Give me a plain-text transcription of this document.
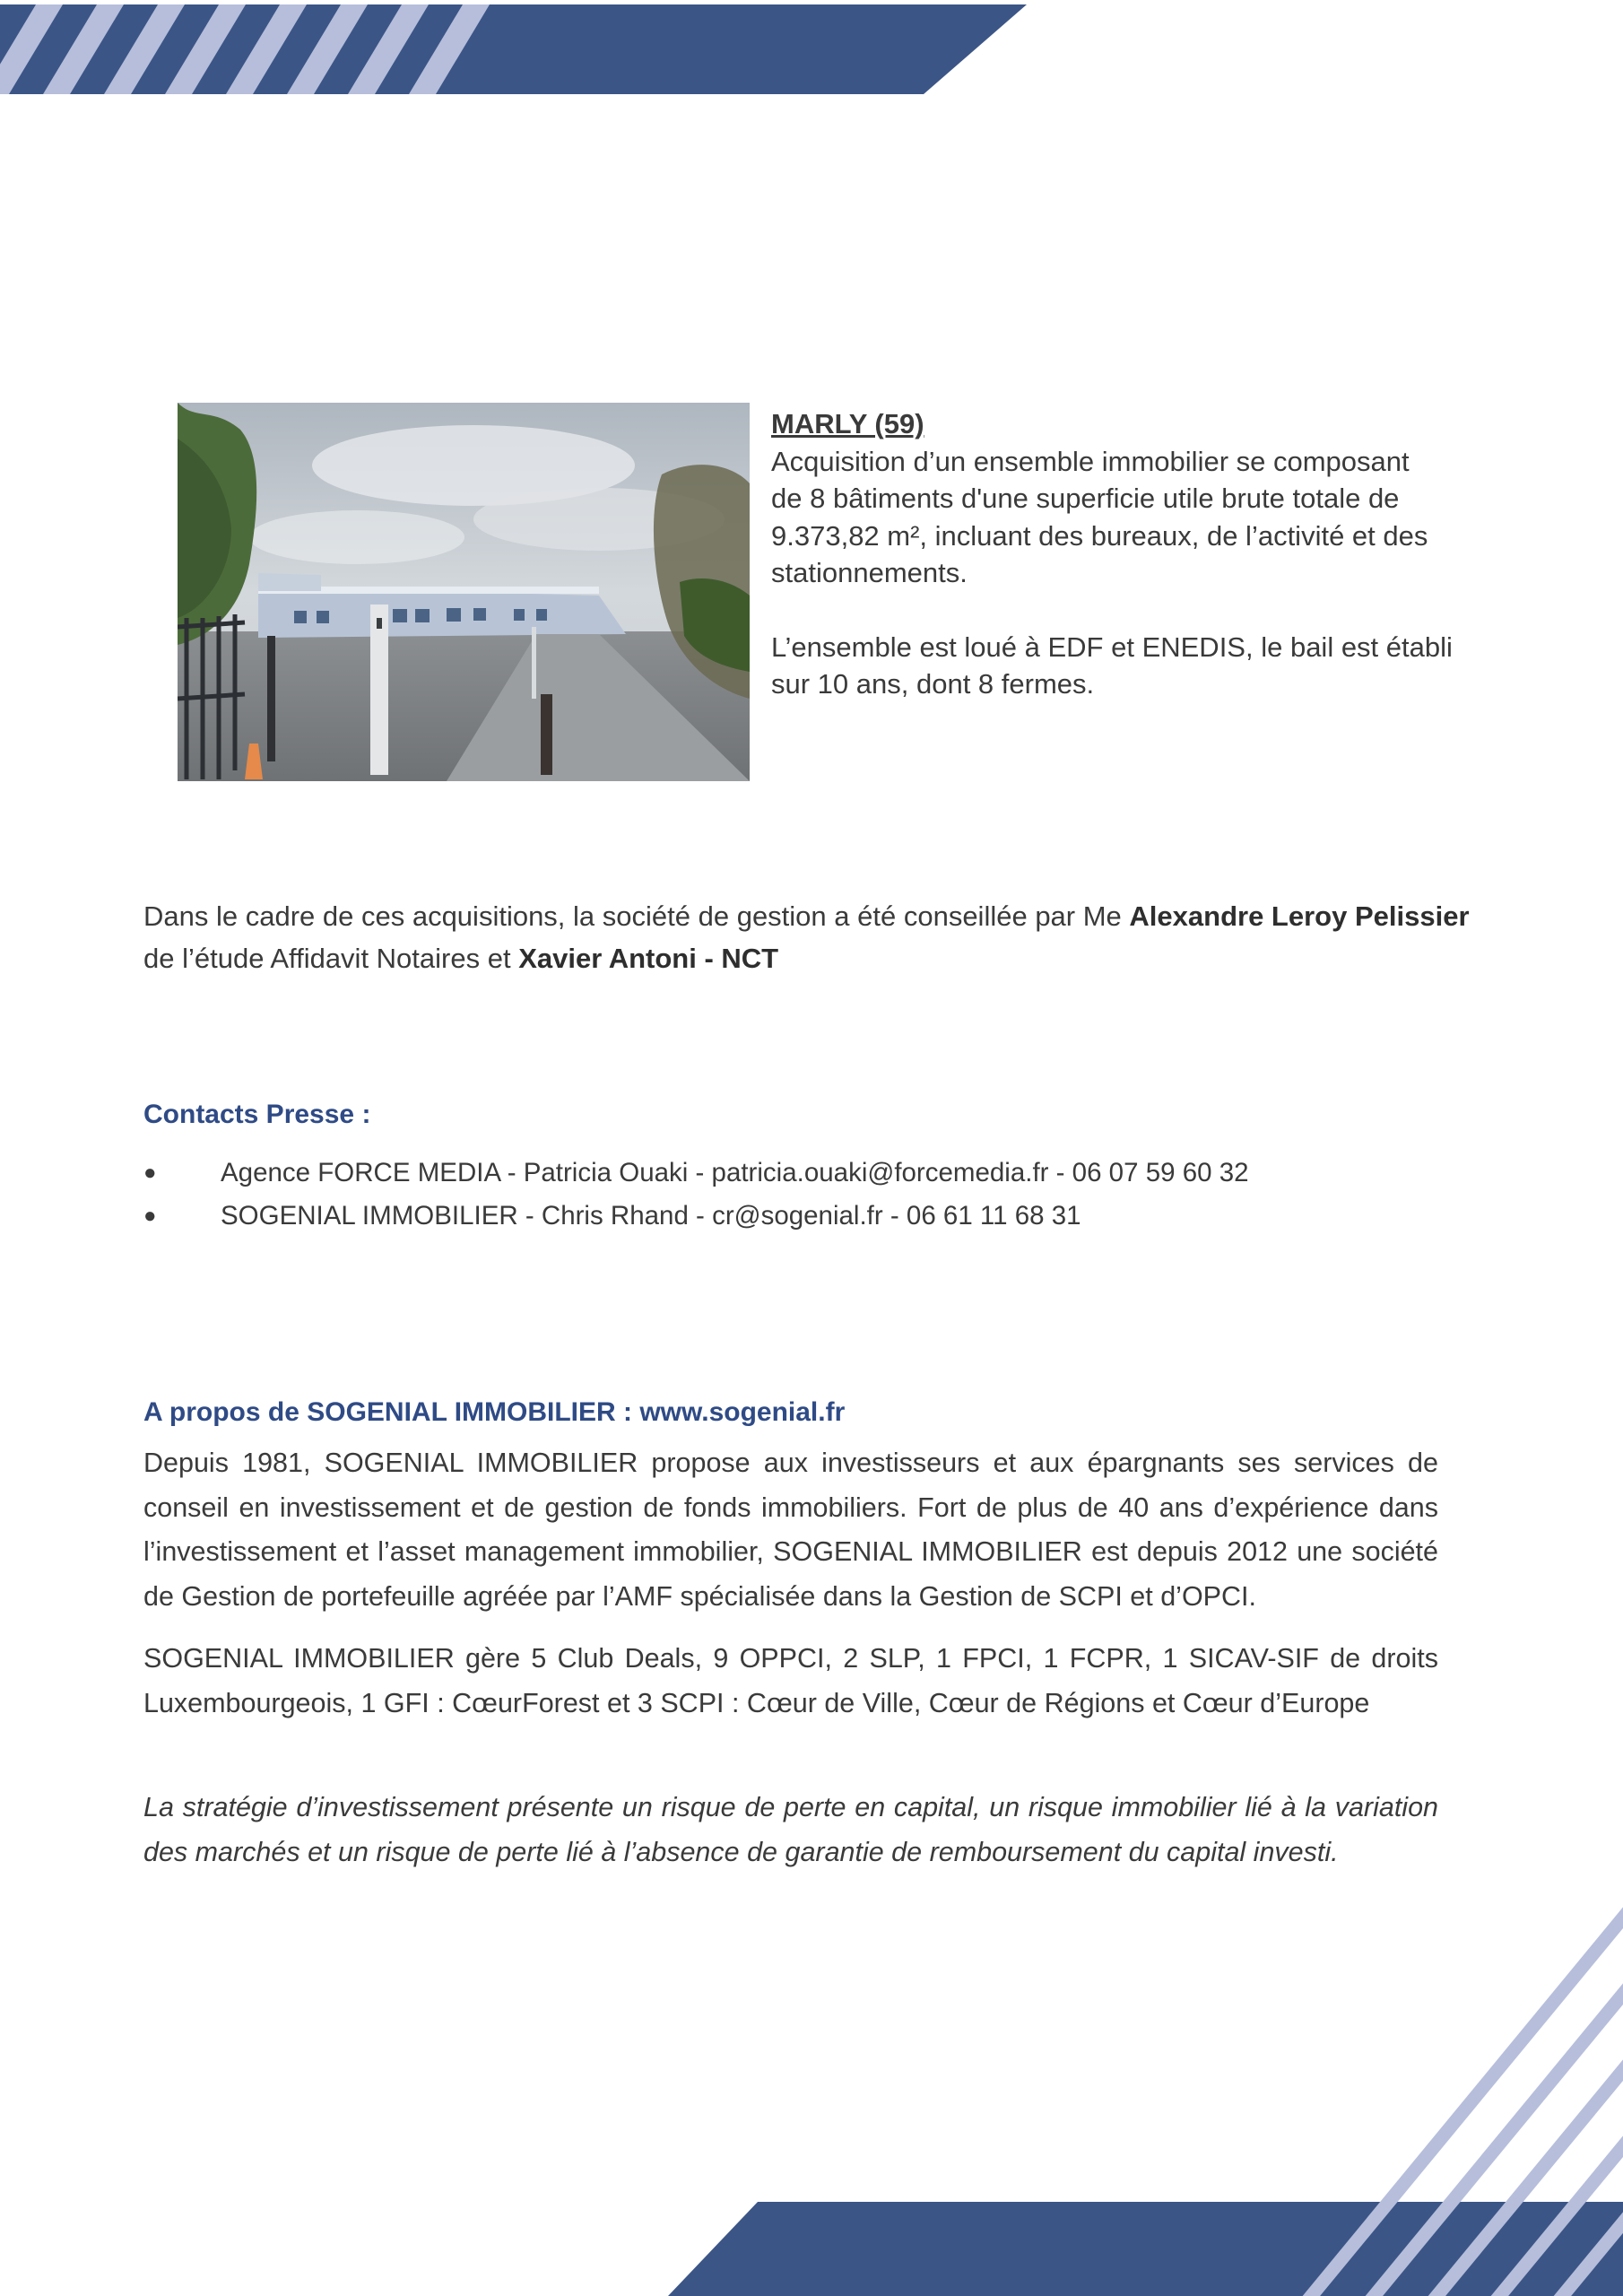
MARLY (59)

Acquisition d’un ensemble immobilier se composant

de 8 bâtiments d'une superficie utile brute totale de

9.373,82 m², incluant des bureaux, de l’activité et des

stationnements.

L’ensemble est loué à EDF et ENEDIS, le bail est établi

sur 10 ans, dont 8 fermes.

Dans le cadre de ces acquisitions, la société de gestion a été conseillée par Me Alexandre Leroy Pelissier
de l’étude Affidavit Notaires et Xavier Antoni - NCT
Contacts Presse :
● Agence FORCE MEDIA - Patricia Ouaki - patricia.ouaki@forcemedia.fr - 06 07 59 60 32
● SOGENIAL IMMOBILIER - Chris Rhand - cr@sogenial.fr - 06 61 11 68 31
A propos de SOGENIAL IMMOBILIER : www.sogenial.fr

Depuis 1981, SOGENIAL IMMOBILIER propose aux investisseurs et aux épargnants ses services de conseil en investissement et de gestion de fonds immobiliers. Fort de plus de 40 ans d’expérience dans l’investissement et l’asset management immobilier, SOGENIAL IMMOBILIER est depuis 2012 une société de Gestion de portefeuille agréée par l’AMF spécialisée dans la Gestion de SCPI et d’OPCI.

SOGENIAL IMMOBILIER gère 5 Club Deals, 9 OPPCI, 2 SLP, 1 FPCI, 1 FCPR, 1 SICAV-SIF de droits Luxembourgeois, 1 GFI : CœurForest et 3 SCPI : Cœur de Ville, Cœur de Régions et Cœur d’Europe

La stratégie d’investissement présente un risque de perte en capital, un risque immobilier lié à la variation des marchés et un risque de perte lié à l’absence de garantie de remboursement du capital investi.
